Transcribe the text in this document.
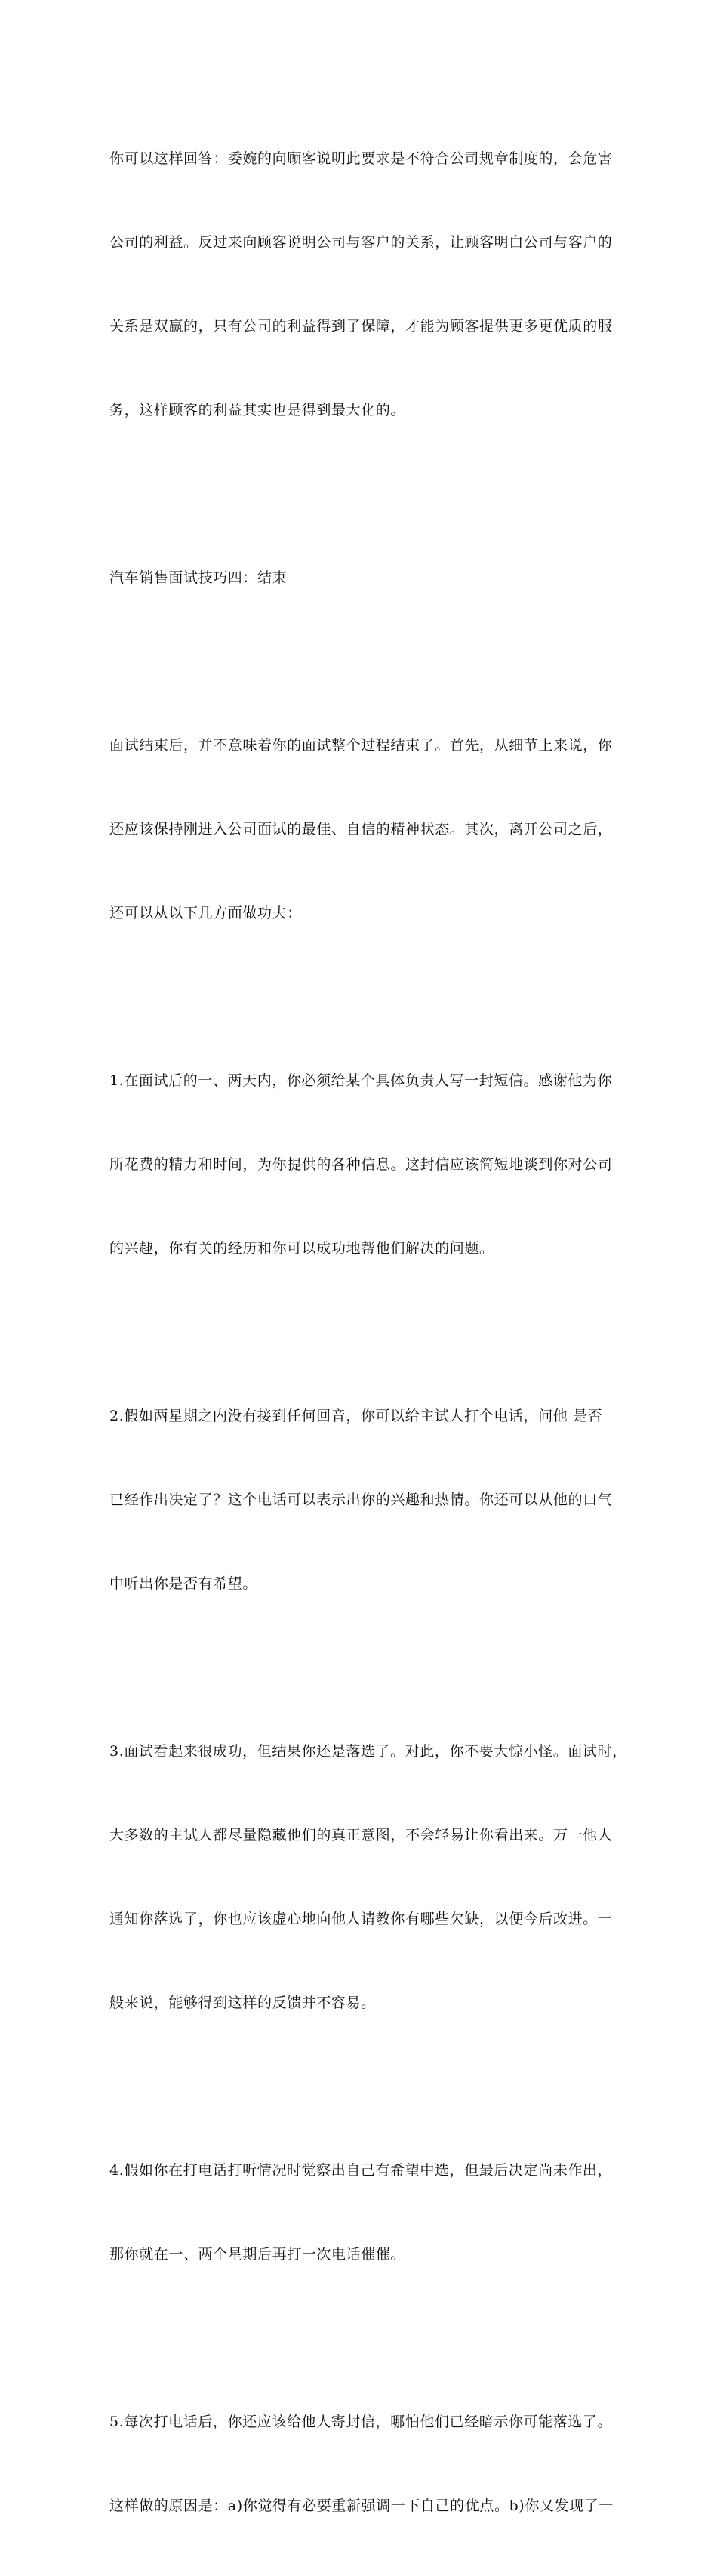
你可以这样回答：委婉的向顾客说明此要求是不符合公司规章制度的，会危害

公司的利益。反过来向顾客说明公司与客户的关系，让顾客明白公司与客户的

关系是双赢的，只有公司的利益得到了保障，才能为顾客提供更多更优质的服

务，这样顾客的利益其实也是得到最大化的。

汽车销售面试技巧四：结束

面试结束后，并不意味着你的面试整个过程结束了。首先，从细节上来说，你

还应该保持刚进入公司面试的最佳、自信的精神状态。其次，离开公司之后，

还可以从以下几方面做功夫：

1.在面试后的一、两天内，你必须给某个具体负责人写一封短信。感谢他为你

所花费的精力和时间，为你提供的各种信息。这封信应该简短地谈到你对公司

的兴趣，你有关的经历和你可以成功地帮他们解决的问题。

2.假如两星期之内没有接到任何回音，你可以给主试人打个电话，问他 是否

已经作出决定了？这个电话可以表示出你的兴趣和热情。你还可以从他的口气

中听出你是否有希望。

3.面试看起来很成功，但结果你还是落选了。对此，你不要大惊小怪。面试时，

大多数的主试人都尽量隐藏他们的真正意图，不会轻易让你看出来。万一他人

通知你落选了，你也应该虚心地向他人请教你有哪些欠缺，以便今后改进。一

般来说，能够得到这样的反馈并不容易。

4.假如你在打电话打听情况时觉察出自己有希望中选，但最后决定尚未作出，

那你就在一、两个星期后再打一次电话催催。

5.每次打电话后，你还应该给他人寄封信，哪怕他们已经暗示你可能落选了。

这样做的原因是：a)你觉得有必要重新强调一下自己的优点。b)你又发现了一
